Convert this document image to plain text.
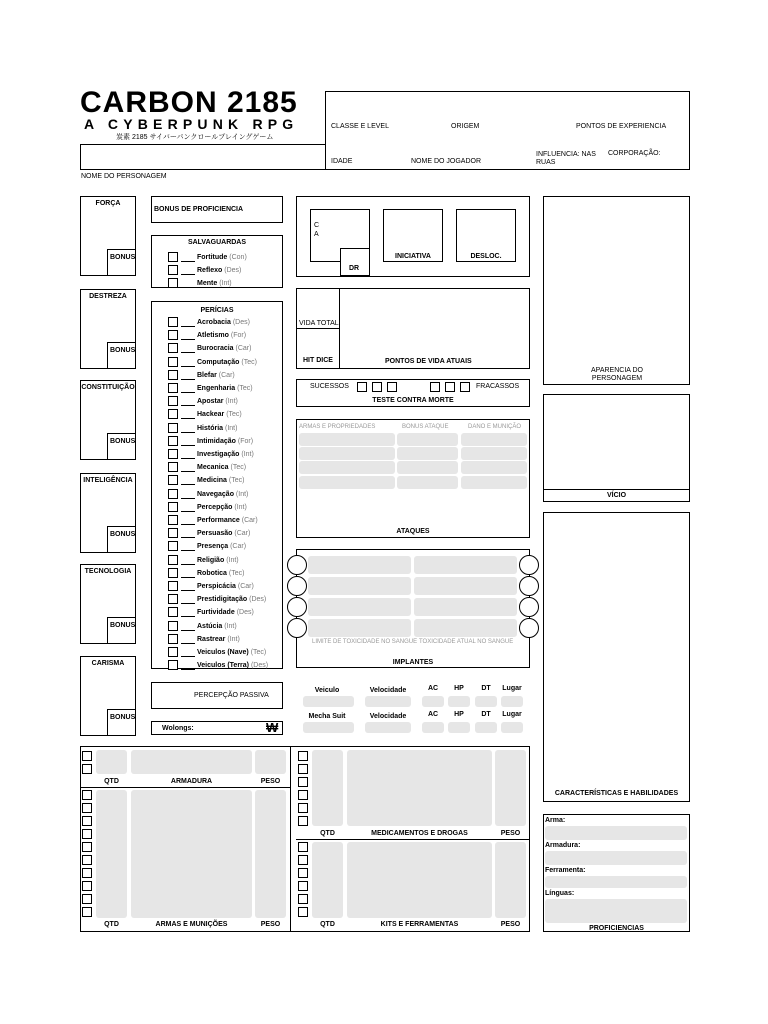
CARBON 2185
A CYBERPUNK RPG
炭素 2185 サイバーパンクロールプレイングゲーム
NOME DO PERSONAGEM
CLASSE E LEVEL	ORIGEM	PONTOS DE EXPERIENCIA
IDADE	NOME DO JOGADOR
INFLUENCIA: NAS RUAS
CORPORAÇÃO:
BONUS DE PROFICIENCIA
SALVAGUARDAS
PERÍCIAS
PERCEPÇÃO PASSIVA
Wolongs:	₩
C
A
DR
INICIATIVA	DESLOC.
VIDA TOTAL
HIT DICE	PONTOS DE VIDA ATUAIS
SUCESSOS	FRACASSOS
TESTE CONTRA MORTE
ARMAS E PROPRIEDADES	BONUS ATAQUE	DANO E MUNIÇÃO
ATAQUES
LIMITE DE TOXICIDADE NO SANGUE TOXICIDADE ATUAL NO SANGUE
IMPLANTES
APARENCIA DO PERSONAGEM
VÍCIO
CARACTERÍSTICAS E HABILIDADES
Arma:
Armadura:
Ferramenta:
Línguas:
PROFICIENCIAS
FORÇA
BONUS
DESTREZA
BONUS
CONSTITUIÇÃO
BONUS
INTELIGÊNCIA
BONUS
TECNOLOGIA
BONUS
CARISMA
BONUS
Fortitude (Con)
Reflexo (Des)
Mente (Int)
Acrobacia (Des)
Atletismo (For)
Burocracia (Car)
Computação (Tec)
Blefar (Car)
Engenharia (Tec)
Apostar (Int)
Hackear (Tec)
História (Int)
Intimidação (For)
Investigação (Int)
Mecanica (Tec)
Medicina (Tec)
Navegação (Int)
Percepção (Int)
Performance (Car)
Persuasão (Car)
Presença (Car)
Religião (Int)
Robotica (Tec)
Perspicácia (Car)
Prestidigitação (Des)
Furtividade (Des)
Astúcia (Int)
Rastrear (Int)
Veiculos (Nave) (Tec)
Veiculos (Terra) (Des)
Veiculo	Velocidade	AC	HP	DT	Lugar
Mecha Suit	Velocidade	AC	HP	DT	Lugar
QTD	ARMADURA	PESO
QTD	ARMAS E MUNIÇÕES	PESO
QTD	MEDICAMENTOS E DROGAS	PESO
QTD	KITS E FERRAMENTAS	PESO
